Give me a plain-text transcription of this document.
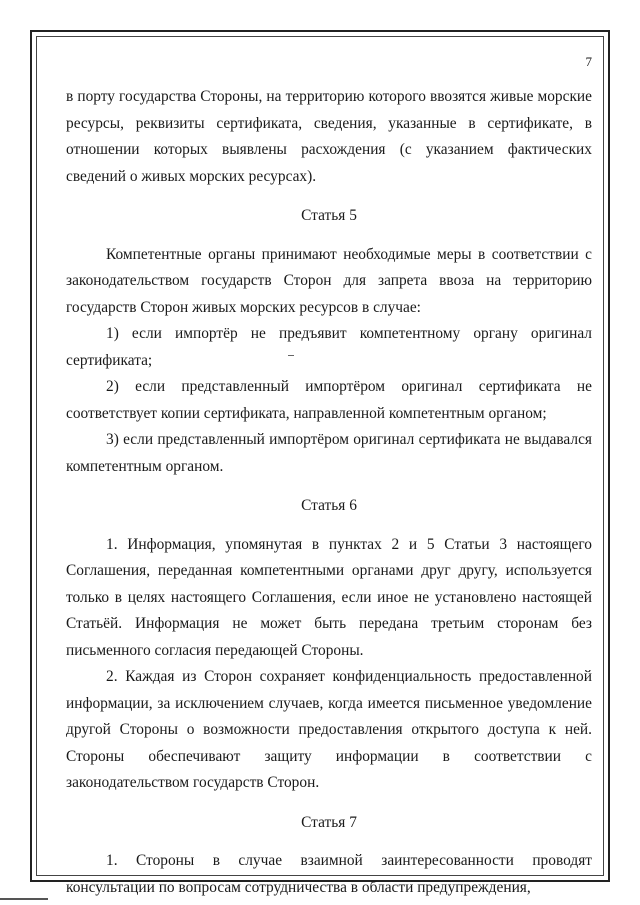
7

в порту государства Стороны, на территорию которого ввозятся живые морские ресурсы, реквизиты сертификата, сведения, указанные в сертификате, в отношении которых выявлены расхождения (с указанием фактических сведений о живых морских ресурсах).

Статья 5

Компетентные органы принимают необходимые меры в соответствии с законодательством государств Сторон для запрета ввоза на территорию государств Сторон живых морских ресурсов в случае:

1) если импортёр не предъявит компетентному органу оригинал сертификата;

2) если представленный импортёром оригинал сертификата не соответствует копии сертификата, направленной компетентным органом;

3) если представленный импортёром оригинал сертификата не выдавался компетентным органом.

Статья 6

1. Информация, упомянутая в пунктах 2 и 5 Статьи 3 настоящего Соглашения, переданная компетентными органами друг другу, используется только в целях настоящего Соглашения, если иное не установлено настоящей Статьёй. Информация не может быть передана третьим сторонам без письменного согласия передающей Стороны.

2. Каждая из Сторон сохраняет конфиденциальность предоставленной информации, за исключением случаев, когда имеется письменное уведомление другой Стороны о возможности предоставления открытого доступа к ней. Стороны обеспечивают защиту информации в соответствии с законодательством государств Сторон.

Статья 7

1. Стороны в случае взаимной заинтересованности проводят консультации по вопросам сотрудничества в области предупреждения,
